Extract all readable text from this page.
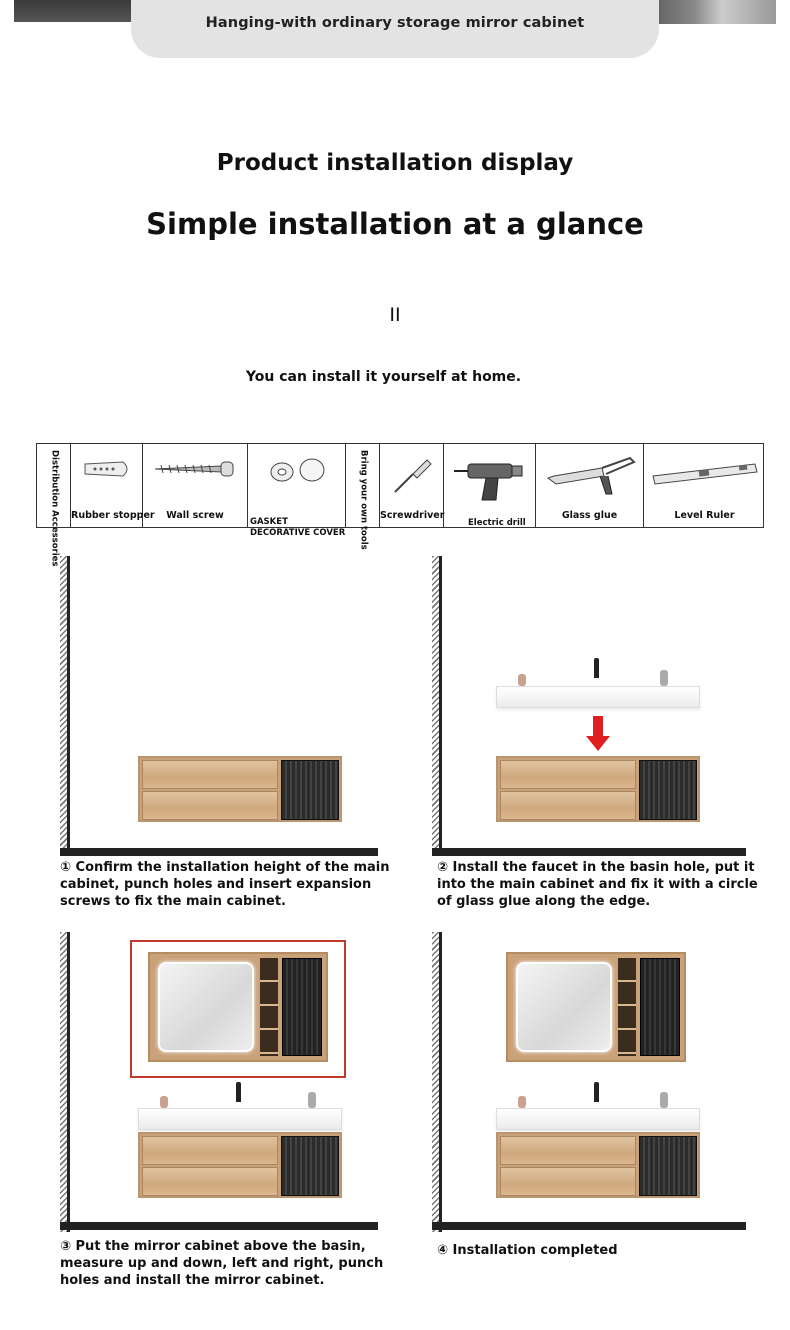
Hanging-with ordinary storage mirror cabinet
Product installation display
Simple installation at a glance
II
You can install it yourself at home.
Distribution Accessories Rubber stopper	Wall screw
GASKET DECORATIVE COVER Bring your own tools Screwdriver
Electric drill
Glass glue	Level Ruler
① Confirm the installation height of the main cabinet, punch holes and insert expansion screws to fix the main cabinet.
② Install the faucet in the basin hole, put it into the main cabinet and fix it with a circle of glass glue along the edge.
③ Put the mirror cabinet above the basin, measure up and down, left and right, punch holes and install the mirror cabinet.
④ Installation completed
